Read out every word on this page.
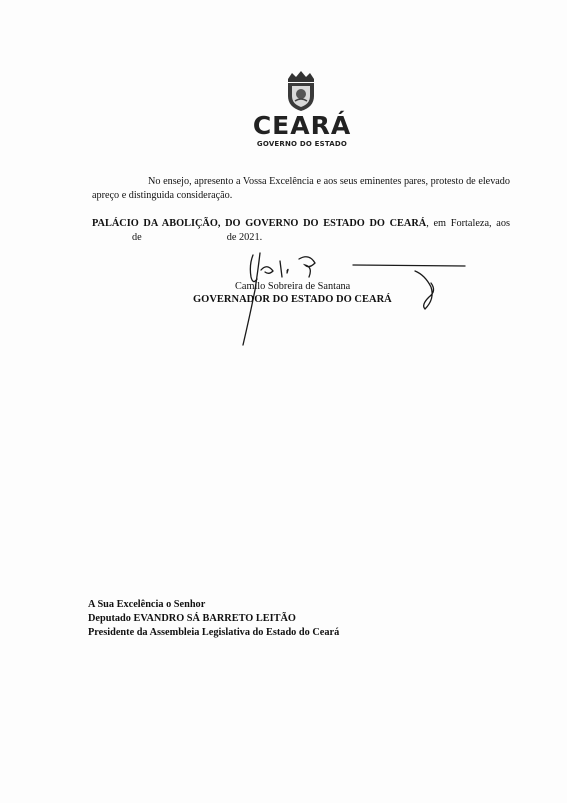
CEARÁ
GOVERNO DO ESTADO

No ensejo, apresento a Vossa Excelência e aos seus eminentes pares, protesto de elevado apreço e distinguida consideração.

PALÁCIO DA ABOLIÇÃO, DO GOVERNO DO ESTADO DO CEARÁ, em Fortaleza, aosde	de 2021.

Camilo Sobreira de Santana
GOVERNADOR DO ESTADO DO CEARÁ
A Sua Excelência o Senhor
Deputado EVANDRO SÁ BARRETO LEITÃO
Presidente da Assembleia Legislativa do Estado do Ceará
